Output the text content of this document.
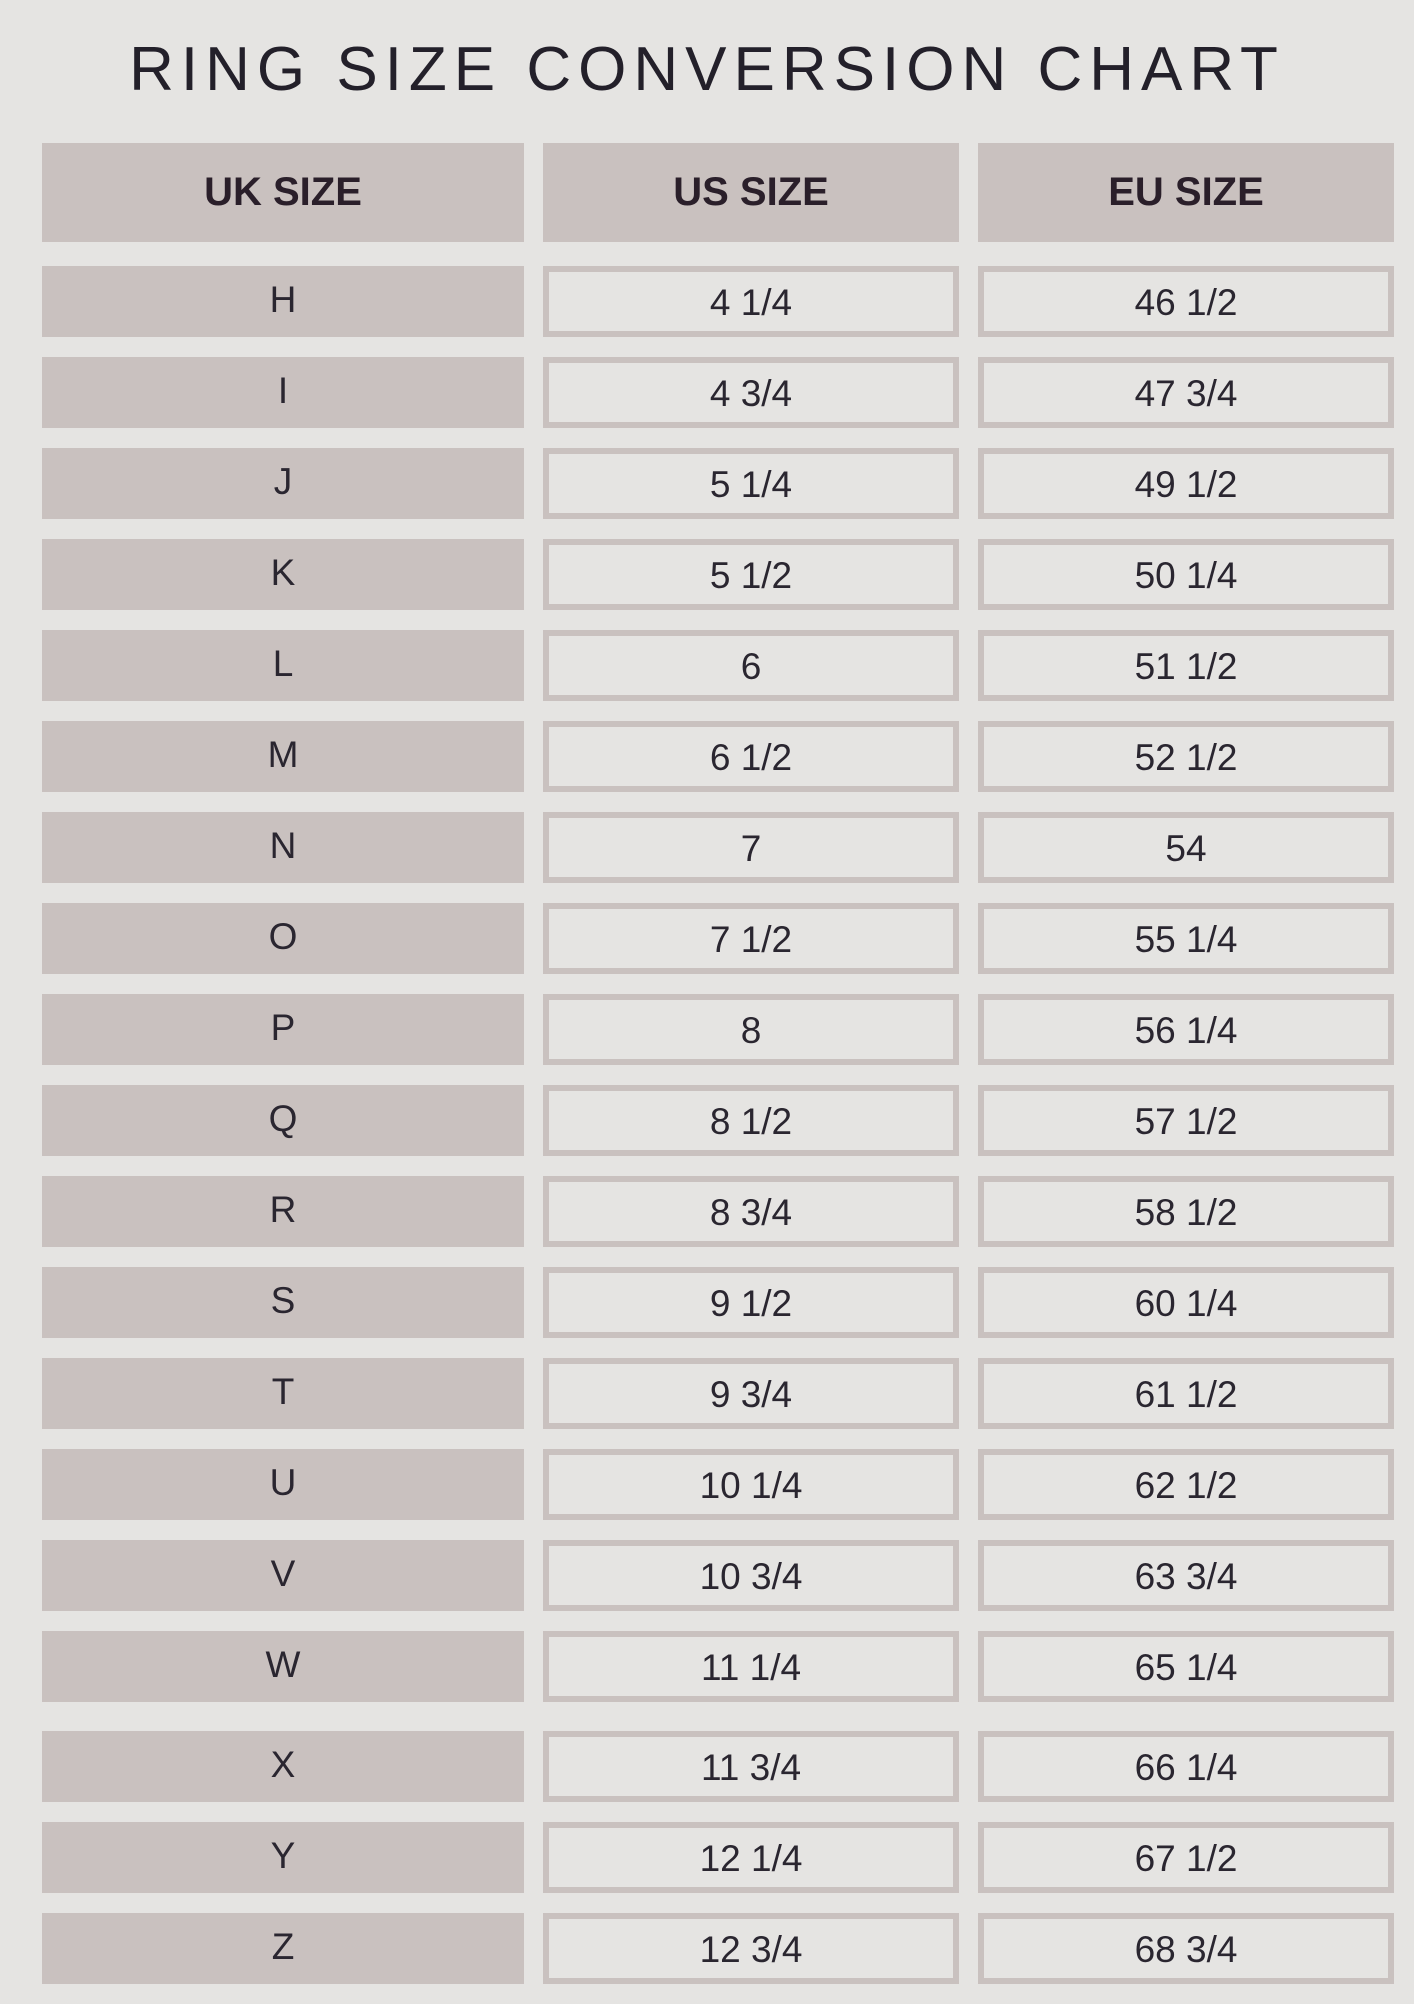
RING SIZE CONVERSION CHART
UK SIZE	US SIZE	EU SIZE
H	4 1/4	46 1/2
I	4 3/4	47 3/4
J	5 1/4	49 1/2
K	5 1/2	50 1/4
L	6	51 1/2
M	6 1/2	52 1/2
N	7	54
O	7 1/2	55 1/4
P	8	56 1/4
Q	8 1/2	57 1/2
R	8 3/4	58 1/2
S	9 1/2	60 1/4
T	9 3/4	61 1/2
U	10 1/4	62 1/2
V	10 3/4	63 3/4
W	11 1/4	65 1/4
X	11 3/4	66 1/4
Y	12 1/4	67 1/2
Z	12 3/4	68 3/4
